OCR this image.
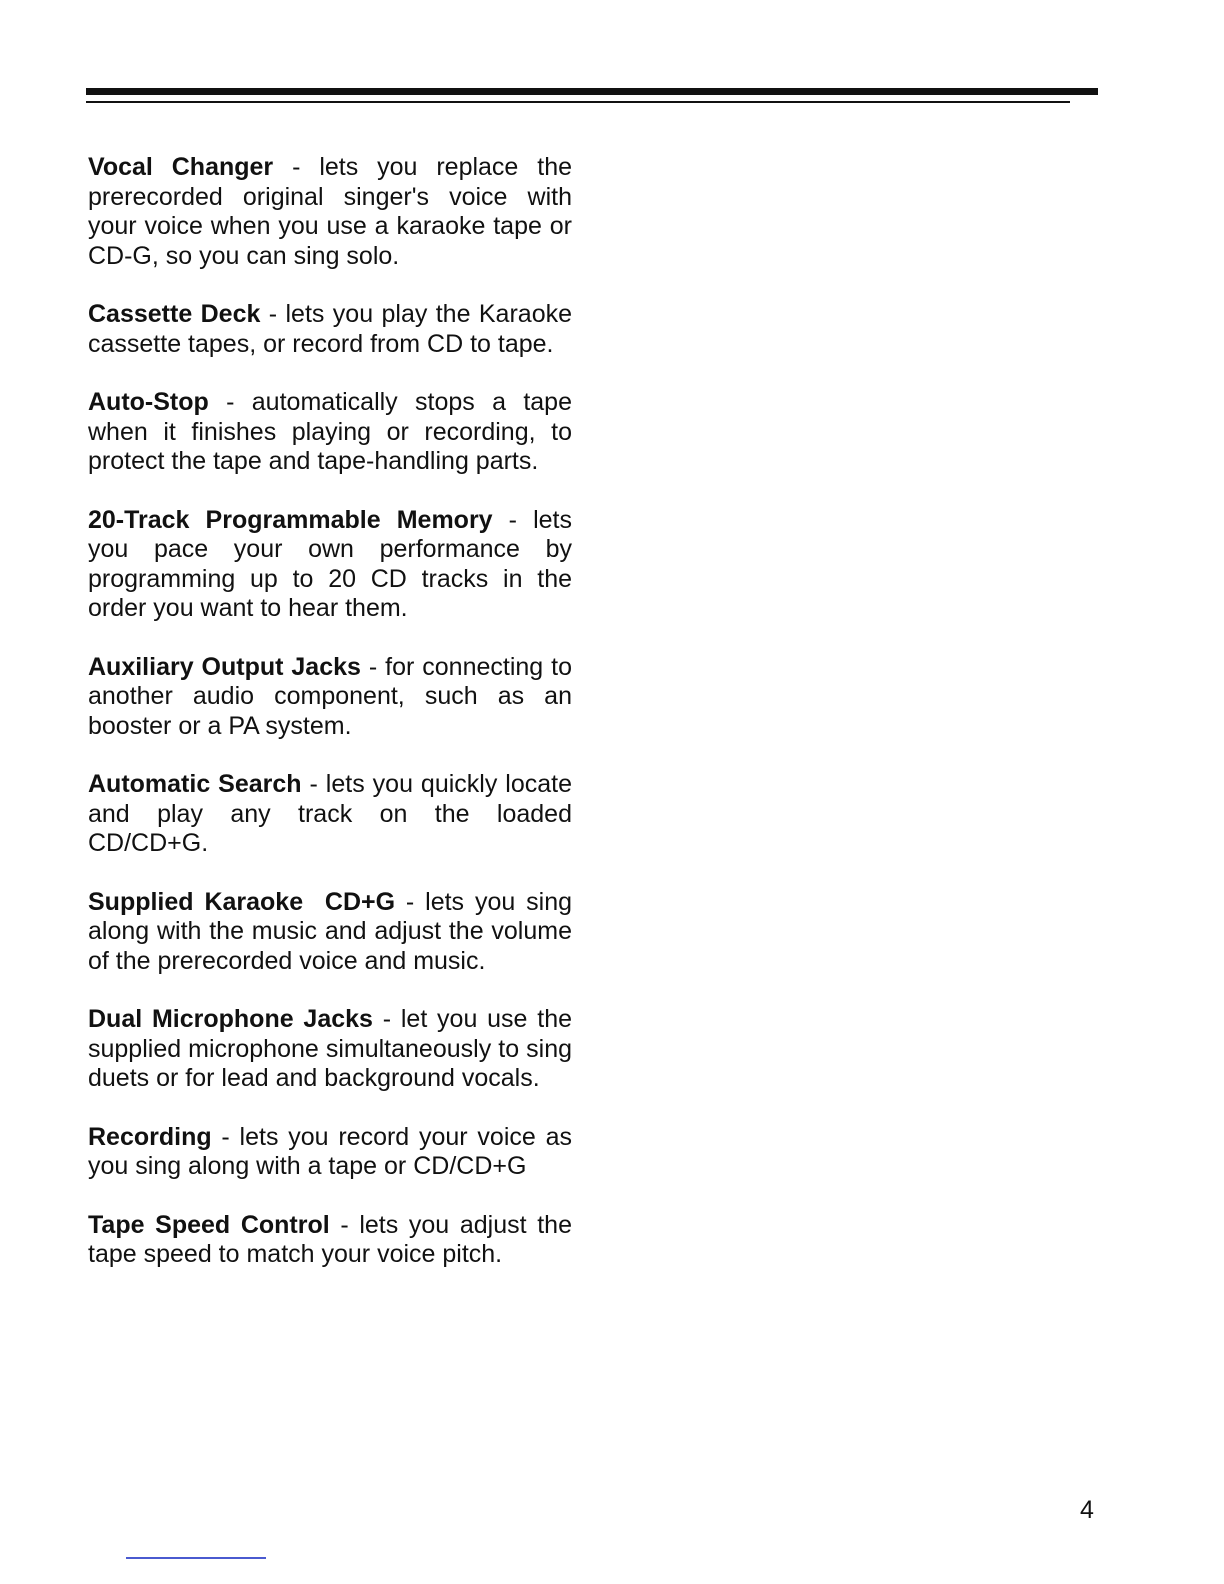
Vocal Changer - lets you replace the prerecorded original singer's voice with your voice when you use a karaoke tape or CD-G, so you can sing solo.

Cassette Deck - lets you play the Karaoke cassette tapes, or record from CD to tape.

Auto-Stop - automatically stops a tape when it finishes playing or recording, to protect the tape and tape-handling parts.

20-Track Programmable Memory - lets you pace your own performance by programming up to 20 CD tracks in the order you want to hear them.

Auxiliary Output Jacks - for connecting to another audio component, such as an booster or a PA system.

Automatic Search - lets you quickly locate and play any track on the loaded CD/CD+G.

Supplied Karaoke  CD+G - lets you sing along with the music and adjust the volume of the prerecorded voice and music.

Dual Microphone Jacks - let you use the supplied microphone simultaneously to sing duets or for lead and background vocals.

Recording - lets you record your voice as you sing along with a tape or CD/CD+G

Tape Speed Control - lets you adjust the tape speed to match your voice pitch.

4
